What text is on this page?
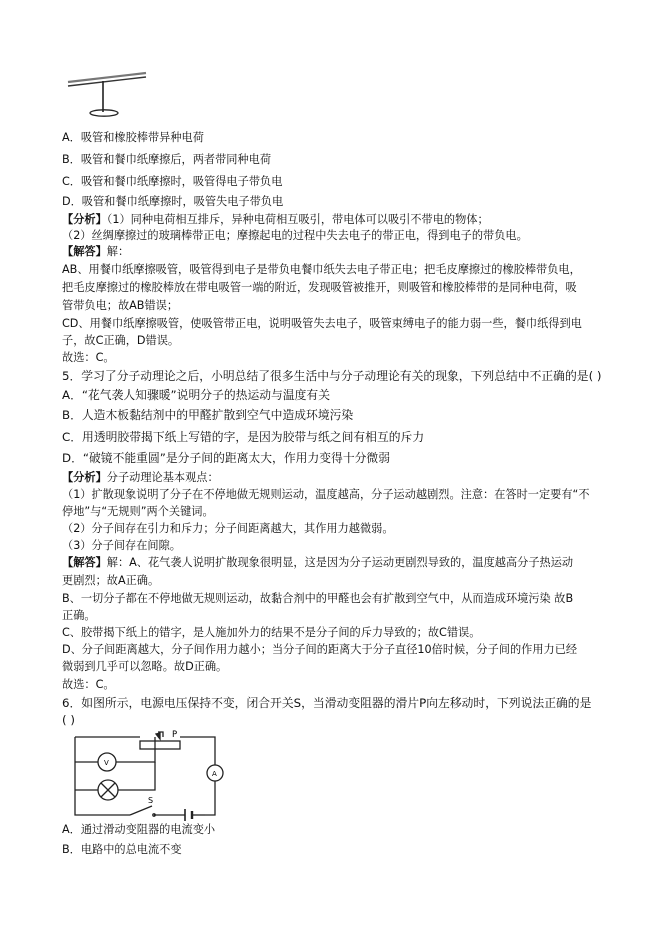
A．吸管和橡胶棒带异种电荷
B．吸管和餐巾纸摩擦后，两者带同种电荷
C．吸管和餐巾纸摩擦时，吸管得电子带负电
D．吸管和餐巾纸摩擦时，吸管失电子带负电
【分析】（1）同种电荷相互排斥，异种电荷相互吸引，带电体可以吸引不带电的物体；
（2）丝绸摩擦过的玻璃棒带正电；摩擦起电的过程中失去电子的带正电，得到电子的带负电。
【解答】解：
AB、用餐巾纸摩擦吸管，吸管得到电子是带负电餐巾纸失去电子带正电；把毛皮摩擦过的橡胶棒带负电，
把毛皮摩擦过的橡胶棒放在带电吸管一端的附近，发现吸管被推开，则吸管和橡胶棒带的是同种电荷，吸
管带负电；故AB错误；
CD、用餐巾纸摩擦吸管，使吸管带正电，说明吸管失去电子，吸管束缚电子的能力弱一些，餐巾纸得到电
子，故C正确，D错误。
故选：C。
5．学习了分子动理论之后，小明总结了很多生活中与分子动理论有关的现象，下列总结中不正确的是( )
A．“花气袭人知骤暖”说明分子的热运动与温度有关
B．人造木板黏结剂中的甲醛扩散到空气中造成环境污染
C．用透明胶带揭下纸上写错的字，是因为胶带与纸之间有相互的斥力
D．“破镜不能重圆”是分子间的距离太大，作用力变得十分微弱
【分析】分子动理论基本观点：
（1）扩散现象说明了分子在不停地做无规则运动，温度越高，分子运动越剧烈。注意：在答时一定要有“不
停地”与“无规则”两个关键词。
（2）分子间存在引力和斥力；分子间距离越大，其作用力越微弱。
（3）分子间存在间隙。
【解答】解：A、花气袭人说明扩散现象很明显，这是因为分子运动更剧烈导致的，温度越高分子热运动
更剧烈；故A正确。
B、一切分子都在不停地做无规则运动，故黏合剂中的甲醛也会有扩散到空气中，从而造成环境污染 故B
正确。
C、胶带揭下纸上的错字，是人施加外力的结果不是分子间的斥力导致的；故C错误。
D、分子间距离越大，分子间作用力越小；当分子间的距离大于分子直径10倍时候，分子间的作用力已经
微弱到几乎可以忽略。故D正确。
故选：C。
6．如图所示，电源电压保持不变，闭合开关S，当滑动变阻器的滑片P向左移动时，下列说法正确的是
( )
P
V
A
S
A．通过滑动变阻器的电流变小
B．电路中的总电流不变
